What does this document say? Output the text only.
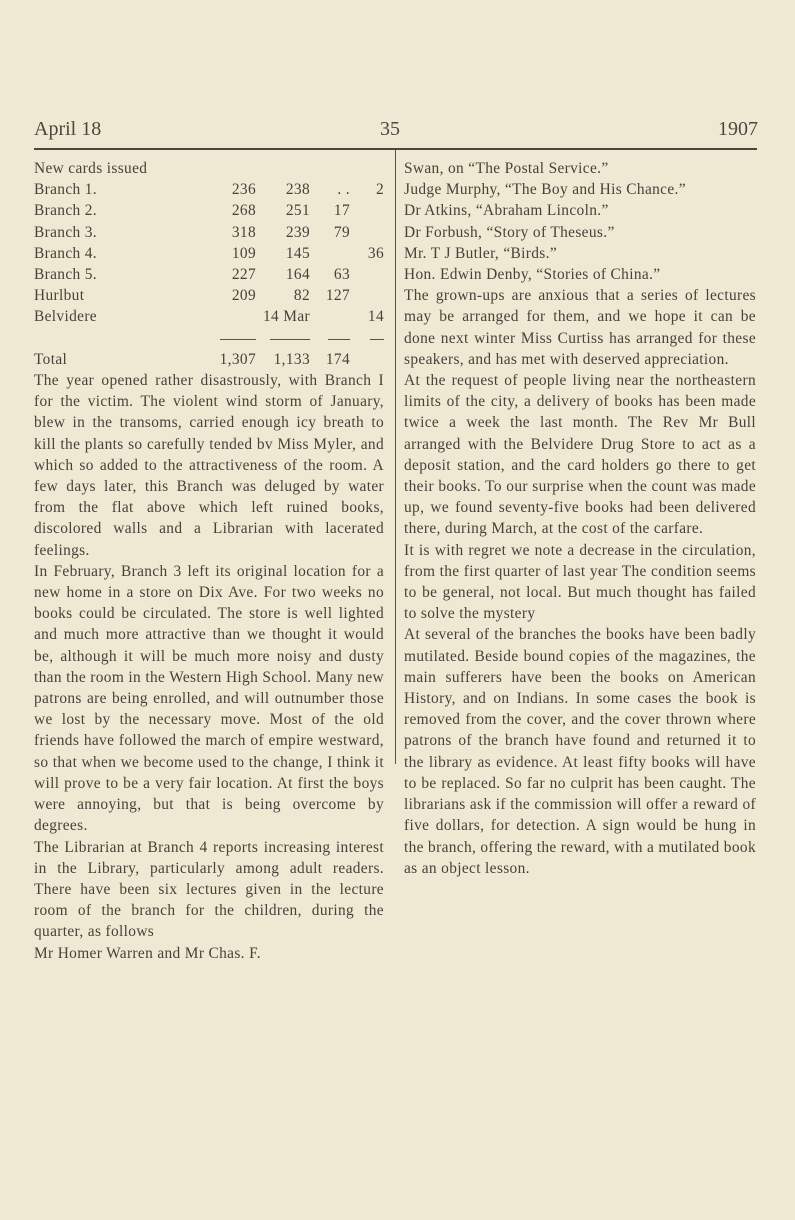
April 18	35	1907
New cards issued
Branch 1.	236	238	. .	2
Branch 2.	268	251	17	
Branch 3.	318	239	79	
Branch 4.	109	145		36
Branch 5.	227	164	63	
Hurlbut	209	82	127	
Belvidere		14 Mar		14

Total	1,307	1,133	174	

The year opened rather disastrously, with Branch I for the victim. The violent wind storm of January, blew in the transoms, carried enough icy breath to kill the plants so carefully tended bv Miss Myler, and which so added to the attractiveness of the room. A few days later, this Branch was deluged by water from the flat above which left ruined books, discolored walls and a Librarian with lacerated feelings.

In February, Branch 3 left its original location for a new home in a store on Dix Ave. For two weeks no books could be circulated. The store is well lighted and much more attractive than we thought it would be, although it will be much more noisy and dusty than the room in the Western High School. Many new patrons are being enrolled, and will outnumber those we lost by the necessary move. Most of the old friends have followed the march of empire westward, so that when we become used to the change, I think it will prove to be a very fair location. At first the boys were annoying, but that is being overcome by degrees.

The Librarian at Branch 4 reports increasing interest in the Library, particularly among adult readers. There have been six lectures given in the lecture room of the branch for the children, during the quarter, as follows

Mr Homer Warren and Mr Chas. F.

Swan, on “The Postal Service.”

Judge Murphy, “The Boy and His Chance.”

Dr Atkins, “Abraham Lincoln.”

Dr Forbush, “Story of Theseus.”

Mr. T J Butler, “Birds.”

Hon. Edwin Denby, “Stories of China.”

The grown-ups are anxious that a series of lectures may be arranged for them, and we hope it can be done next winter Miss Curtiss has arranged for these speakers, and has met with deserved appreciation.

At the request of people living near the northeastern limits of the city, a delivery of books has been made twice a week the last month. The Rev Mr Bull arranged with the Belvidere Drug Store to act as a deposit station, and the card holders go there to get their books. To our surprise when the count was made up, we found seventy-five books had been delivered there, during March, at the cost of the carfare.

It is with regret we note a decrease in the circulation, from the first quarter of last year The condition seems to be general, not local. But much thought has failed to solve the mystery

At several of the branches the books have been badly mutilated. Beside bound copies of the magazines, the main sufferers have been the books on American History, and on Indians. In some cases the book is removed from the cover, and the cover thrown where patrons of the branch have found and returned it to the library as evidence. At least fifty books will have to be replaced. So far no culprit has been caught. The librarians ask if the commission will offer a reward of five dollars, for detection. A sign would be hung in the branch, offering the reward, with a mutilated book as an object lesson.
